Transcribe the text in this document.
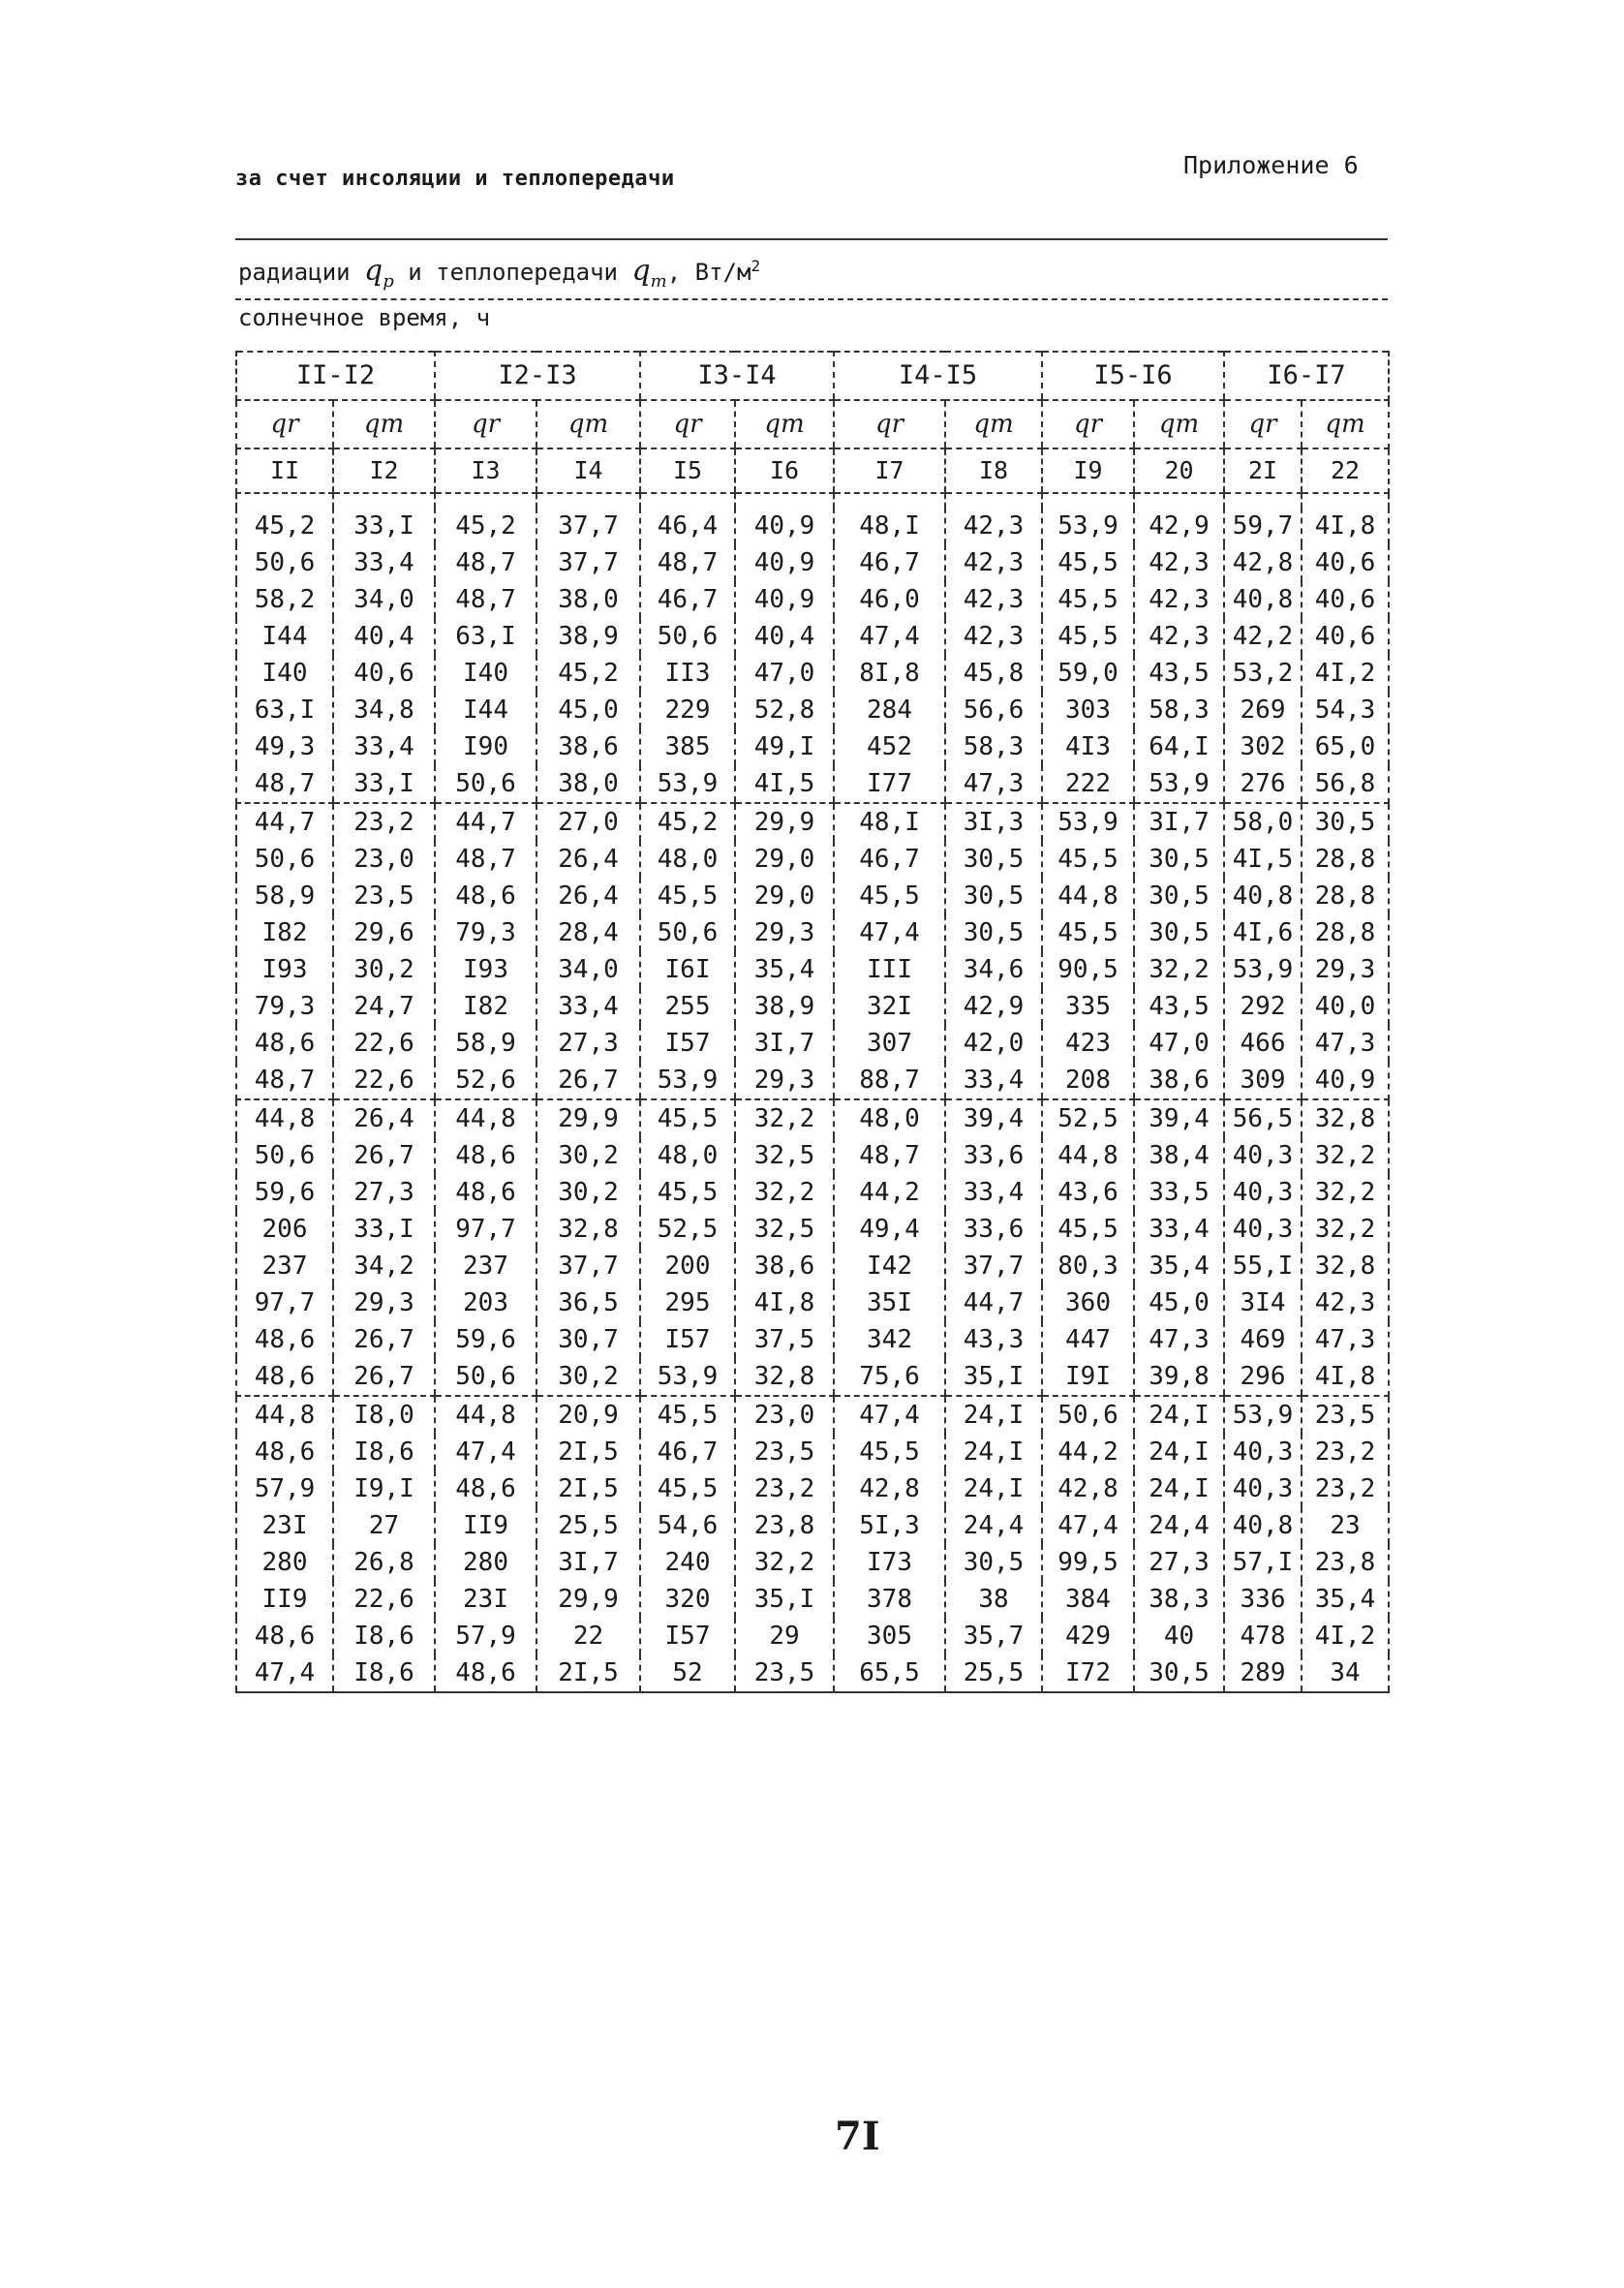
за счет инсоляции и теплопередачи	Приложение 6
радиации $q_р$ и теплопередачи $q_т$, $Вт/м^2$
солнечное время, ч
II-I2		I2-I3		I3-I4		I4-I5		I5-I6		I6-I7	
qr	qт	qr	qт	qr	qт	qr	qт	qr	qт	qr	qт
II	I2	I3	I4	I5	I6	I7	I8	I9	20	2I	22

45,2	33,I	45,2	37,7	46,4	40,9	48,I	42,3	53,9	42,9	59,7	4I,8
50,6	33,4	48,7	37,7	48,7	40,9	46,7	42,3	45,5	42,3	42,8	40,6
58,2	34,0	48,7	38,0	46,7	40,9	46,0	42,3	45,5	42,3	40,8	40,6
I44	40,4	63,I	38,9	50,6	40,4	47,4	42,3	45,5	42,3	42,2	40,6
I40	40,6	I40	45,2	II3	47,0	8I,8	45,8	59,0	43,5	53,2	4I,2
63,I	34,8	I44	45,0	229	52,8	284	56,6	303	58,3	269	54,3
49,3	33,4	I90	38,6	385	49,I	452	58,3	4I3	64,I	302	65,0
48,7	33,I	50,6	38,0	53,9	4I,5	I77	47,3	222	53,9	276	56,8
44,7	23,2	44,7	27,0	45,2	29,9	48,I	3I,3	53,9	3I,7	58,0	30,5
50,6	23,0	48,7	26,4	48,0	29,0	46,7	30,5	45,5	30,5	4I,5	28,8
58,9	23,5	48,6	26,4	45,5	29,0	45,5	30,5	44,8	30,5	40,8	28,8
I82	29,6	79,3	28,4	50,6	29,3	47,4	30,5	45,5	30,5	4I,6	28,8
I93	30,2	I93	34,0	I6I	35,4	III	34,6	90,5	32,2	53,9	29,3
79,3	24,7	I82	33,4	255	38,9	32I	42,9	335	43,5	292	40,0
48,6	22,6	58,9	27,3	I57	3I,7	307	42,0	423	47,0	466	47,3
48,7	22,6	52,6	26,7	53,9	29,3	88,7	33,4	208	38,6	309	40,9
44,8	26,4	44,8	29,9	45,5	32,2	48,0	39,4	52,5	39,4	56,5	32,8
50,6	26,7	48,6	30,2	48,0	32,5	48,7	33,6	44,8	38,4	40,3	32,2
59,6	27,3	48,6	30,2	45,5	32,2	44,2	33,4	43,6	33,5	40,3	32,2
206	33,I	97,7	32,8	52,5	32,5	49,4	33,6	45,5	33,4	40,3	32,2
237	34,2	237	37,7	200	38,6	I42	37,7	80,3	35,4	55,I	32,8
97,7	29,3	203	36,5	295	4I,8	35I	44,7	360	45,0	3I4	42,3
48,6	26,7	59,6	30,7	I57	37,5	342	43,3	447	47,3	469	47,3
48,6	26,7	50,6	30,2	53,9	32,8	75,6	35,I	I9I	39,8	296	4I,8
44,8	I8,0	44,8	20,9	45,5	23,0	47,4	24,I	50,6	24,I	53,9	23,5
48,6	I8,6	47,4	2I,5	46,7	23,5	45,5	24,I	44,2	24,I	40,3	23,2
57,9	I9,I	48,6	2I,5	45,5	23,2	42,8	24,I	42,8	24,I	40,3	23,2
23I	27	II9	25,5	54,6	23,8	5I,3	24,4	47,4	24,4	40,8	23
280	26,8	280	3I,7	240	32,2	I73	30,5	99,5	27,3	57,I	23,8
II9	22,6	23I	29,9	320	35,I	378	38	384	38,3	336	35,4
48,6	I8,6	57,9	22	I57	29	305	35,7	429	40	478	4I,2
47,4	I8,6	48,6	2I,5	52	23,5	65,5	25,5	I72	30,5	289	34
7I
